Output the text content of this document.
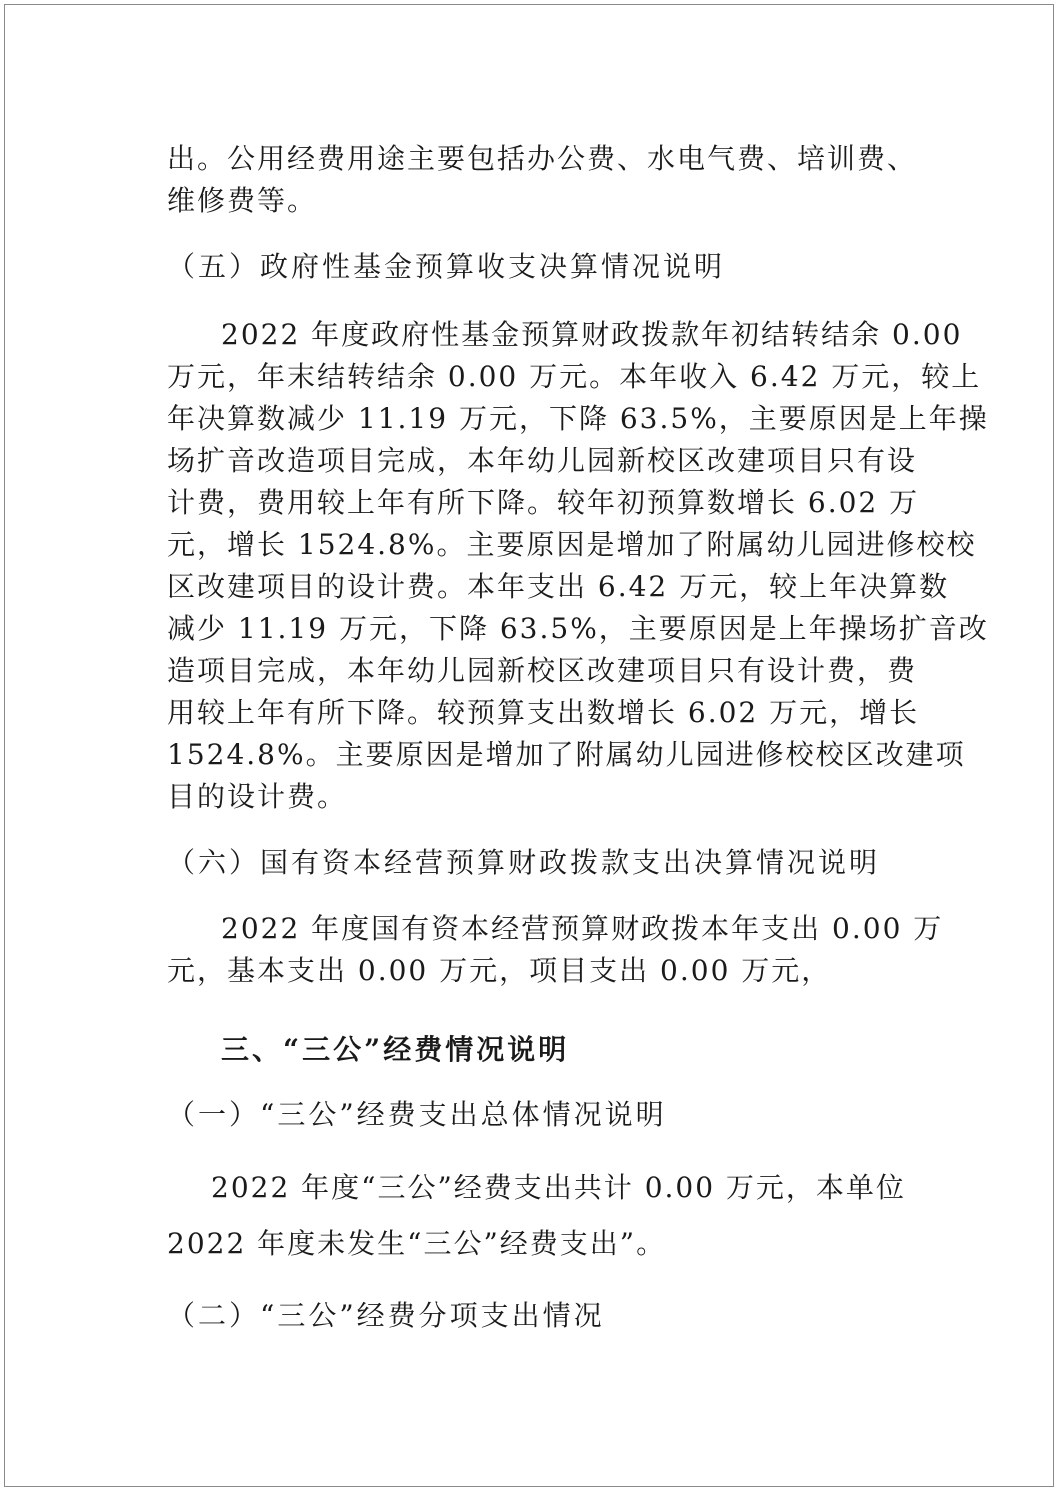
出。公用经费用途主要包括办公费、水电气费、培训费、
维修费等。
（五）政府性基金预算收支决算情况说明
2022 年度政府性基金预算财政拨款年初结转结余 0.00
万元，年末结转结余 0.00 万元。本年收入 6.42 万元，较上
年决算数减少 11.19 万元，下降 63.5%，主要原因是上年操
场扩音改造项目完成，本年幼儿园新校区改建项目只有设
计费，费用较上年有所下降。较年初预算数增长 6.02 万
元，增长 1524.8%。主要原因是增加了附属幼儿园进修校校
区改建项目的设计费。本年支出 6.42 万元，较上年决算数
减少 11.19 万元，下降 63.5%，主要原因是上年操场扩音改
造项目完成，本年幼儿园新校区改建项目只有设计费，费
用较上年有所下降。较预算支出数增长 6.02 万元，增长
1524.8%。主要原因是增加了附属幼儿园进修校校区改建项
目的设计费。
（六）国有资本经营预算财政拨款支出决算情况说明
2022 年度国有资本经营预算财政拨本年支出 0.00 万
元，基本支出 0.00 万元，项目支出 0.00 万元，
三、“三公”经费情况说明
（一）“三公”经费支出总体情况说明
2022 年度“三公”经费支出共计 0.00 万元，本单位
2022 年度未发生“三公”经费支出”。
（二）“三公”经费分项支出情况
